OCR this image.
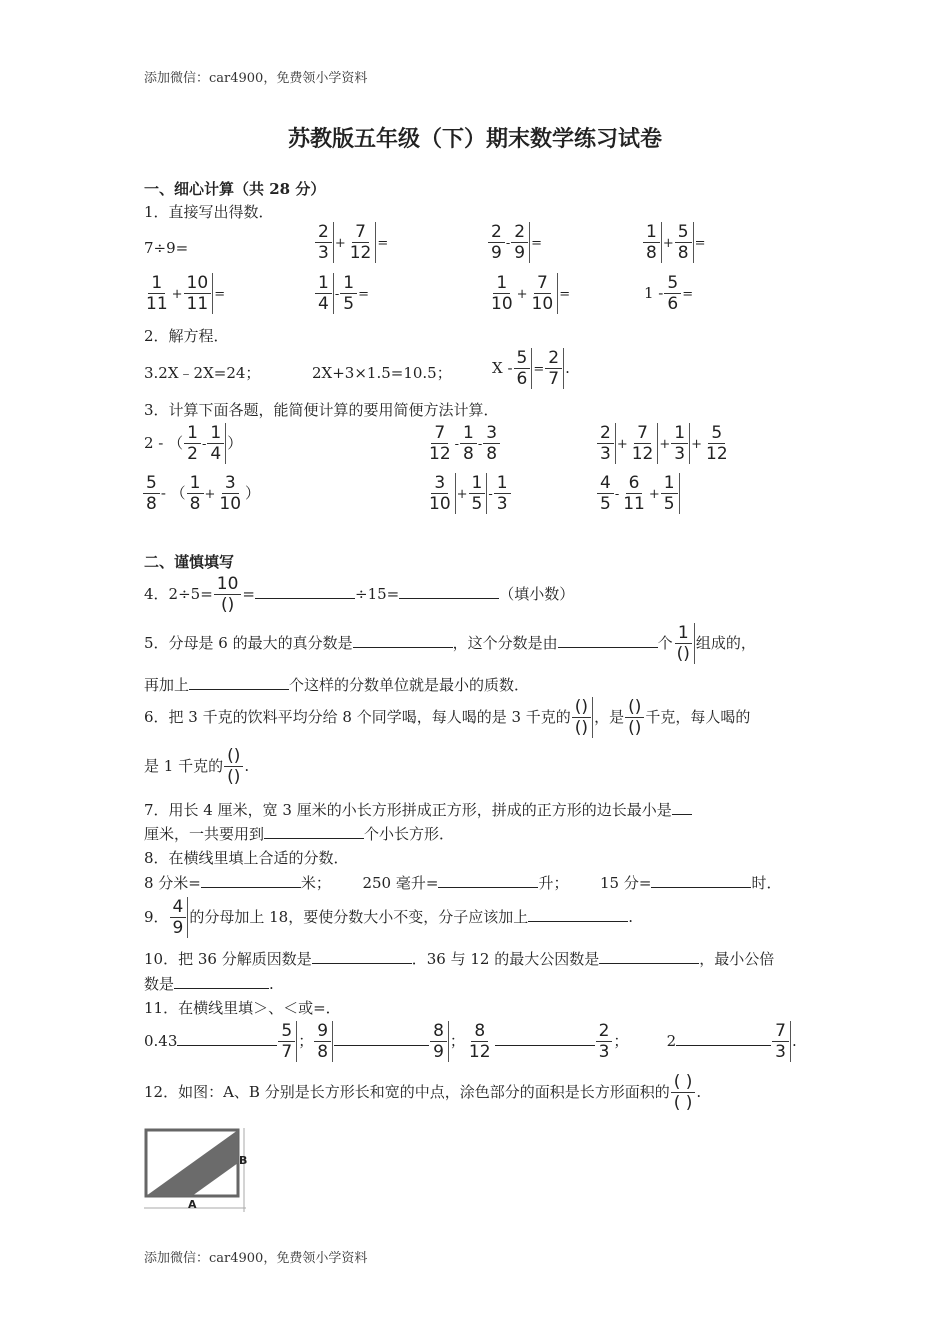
添加微信：car4900，免费领小学资料
苏教版五年级（下）期末数学练习试卷
一、细心计算（共 28 分）
1．直接写出得数．
7÷9=	$\frac{2}{3} + \frac{7}{12}$ =	$\frac{2}{9} - \frac{2}{9}$ =	$\frac{1}{8} + \frac{5}{8}$ =
$\frac{1}{11} + \frac{10}{11}$ =	$\frac{1}{4} - \frac{1}{5}$ =	$\frac{1}{10} + \frac{7}{10}$ =	$1 - \frac{5}{6}$ =
2．解方程．
3.2X﹣2X=24；	2X+3×1.5=10.5；	$X - \frac{5}{6} = \frac{2}{7}$ .
3．计算下面各题，能简便计算的要用简便方法计算．
2 - （ $\frac{1}{2} - \frac{1}{4}$ ）	$\frac{7}{12} - \frac{1}{8} - \frac{3}{8}$	$\frac{2}{3} + \frac{7}{12} + \frac{1}{3} + \frac{5}{12}$
$\frac{5}{8}$ - （ $\frac{1}{8} + \frac{3}{10}$ ）	$\frac{3}{10} + \frac{1}{5} - \frac{1}{3}$	$\frac{4}{5} - \frac{6}{11} + \frac{1}{5}$
二、谨慎填写
4．$2\div 5= \frac{10}{()}$ =	÷15=	（填小数）
5．分母是 6 的最大的真分数是	，这个分数是由	个 $\frac{1}{()}$ 组成的，
再加上	个这样的分数单位就是最小的质数．
6．把 3 千克的饮料平均分给 8 个同学喝，每人喝的是 3 千克的 $\frac{()}{()}$ ，是 $\frac{()}{()}$ 千克，每人喝的
是 1 千克的 $\frac{()}{()}$ .
7．用长 4 厘米，宽 3 厘米的小长方形拼成正方形，拼成的正方形的边长最小是
厘米，一共要用到	个小长方形．
8．在横线里填上合适的分数．
8 分米=	米； 250 毫升=	升； 15 分=	时．
9． $\frac{4}{9}$ 的分母加上 18，要使分数大小不变，分子应该加上	.
10．把 36 分解质因数是	．36 与 12 的最大公因数是	，最小公倍
数是	.
11．在横线里填＞、＜或=．
0.43	$\frac{5}{7}$ ； $\frac{9}{8}$	$\frac{8}{9}$ ； $\frac{8}{12}$	$\frac{2}{3}$ ；	2	$\frac{7}{3}$ .
12．如图：A、B 分别是长方形长和宽的中点，涂色部分的面积是长方形面积的 $\frac{( )}{( )}$ .
B
A
添加微信：car4900，免费领小学资料
